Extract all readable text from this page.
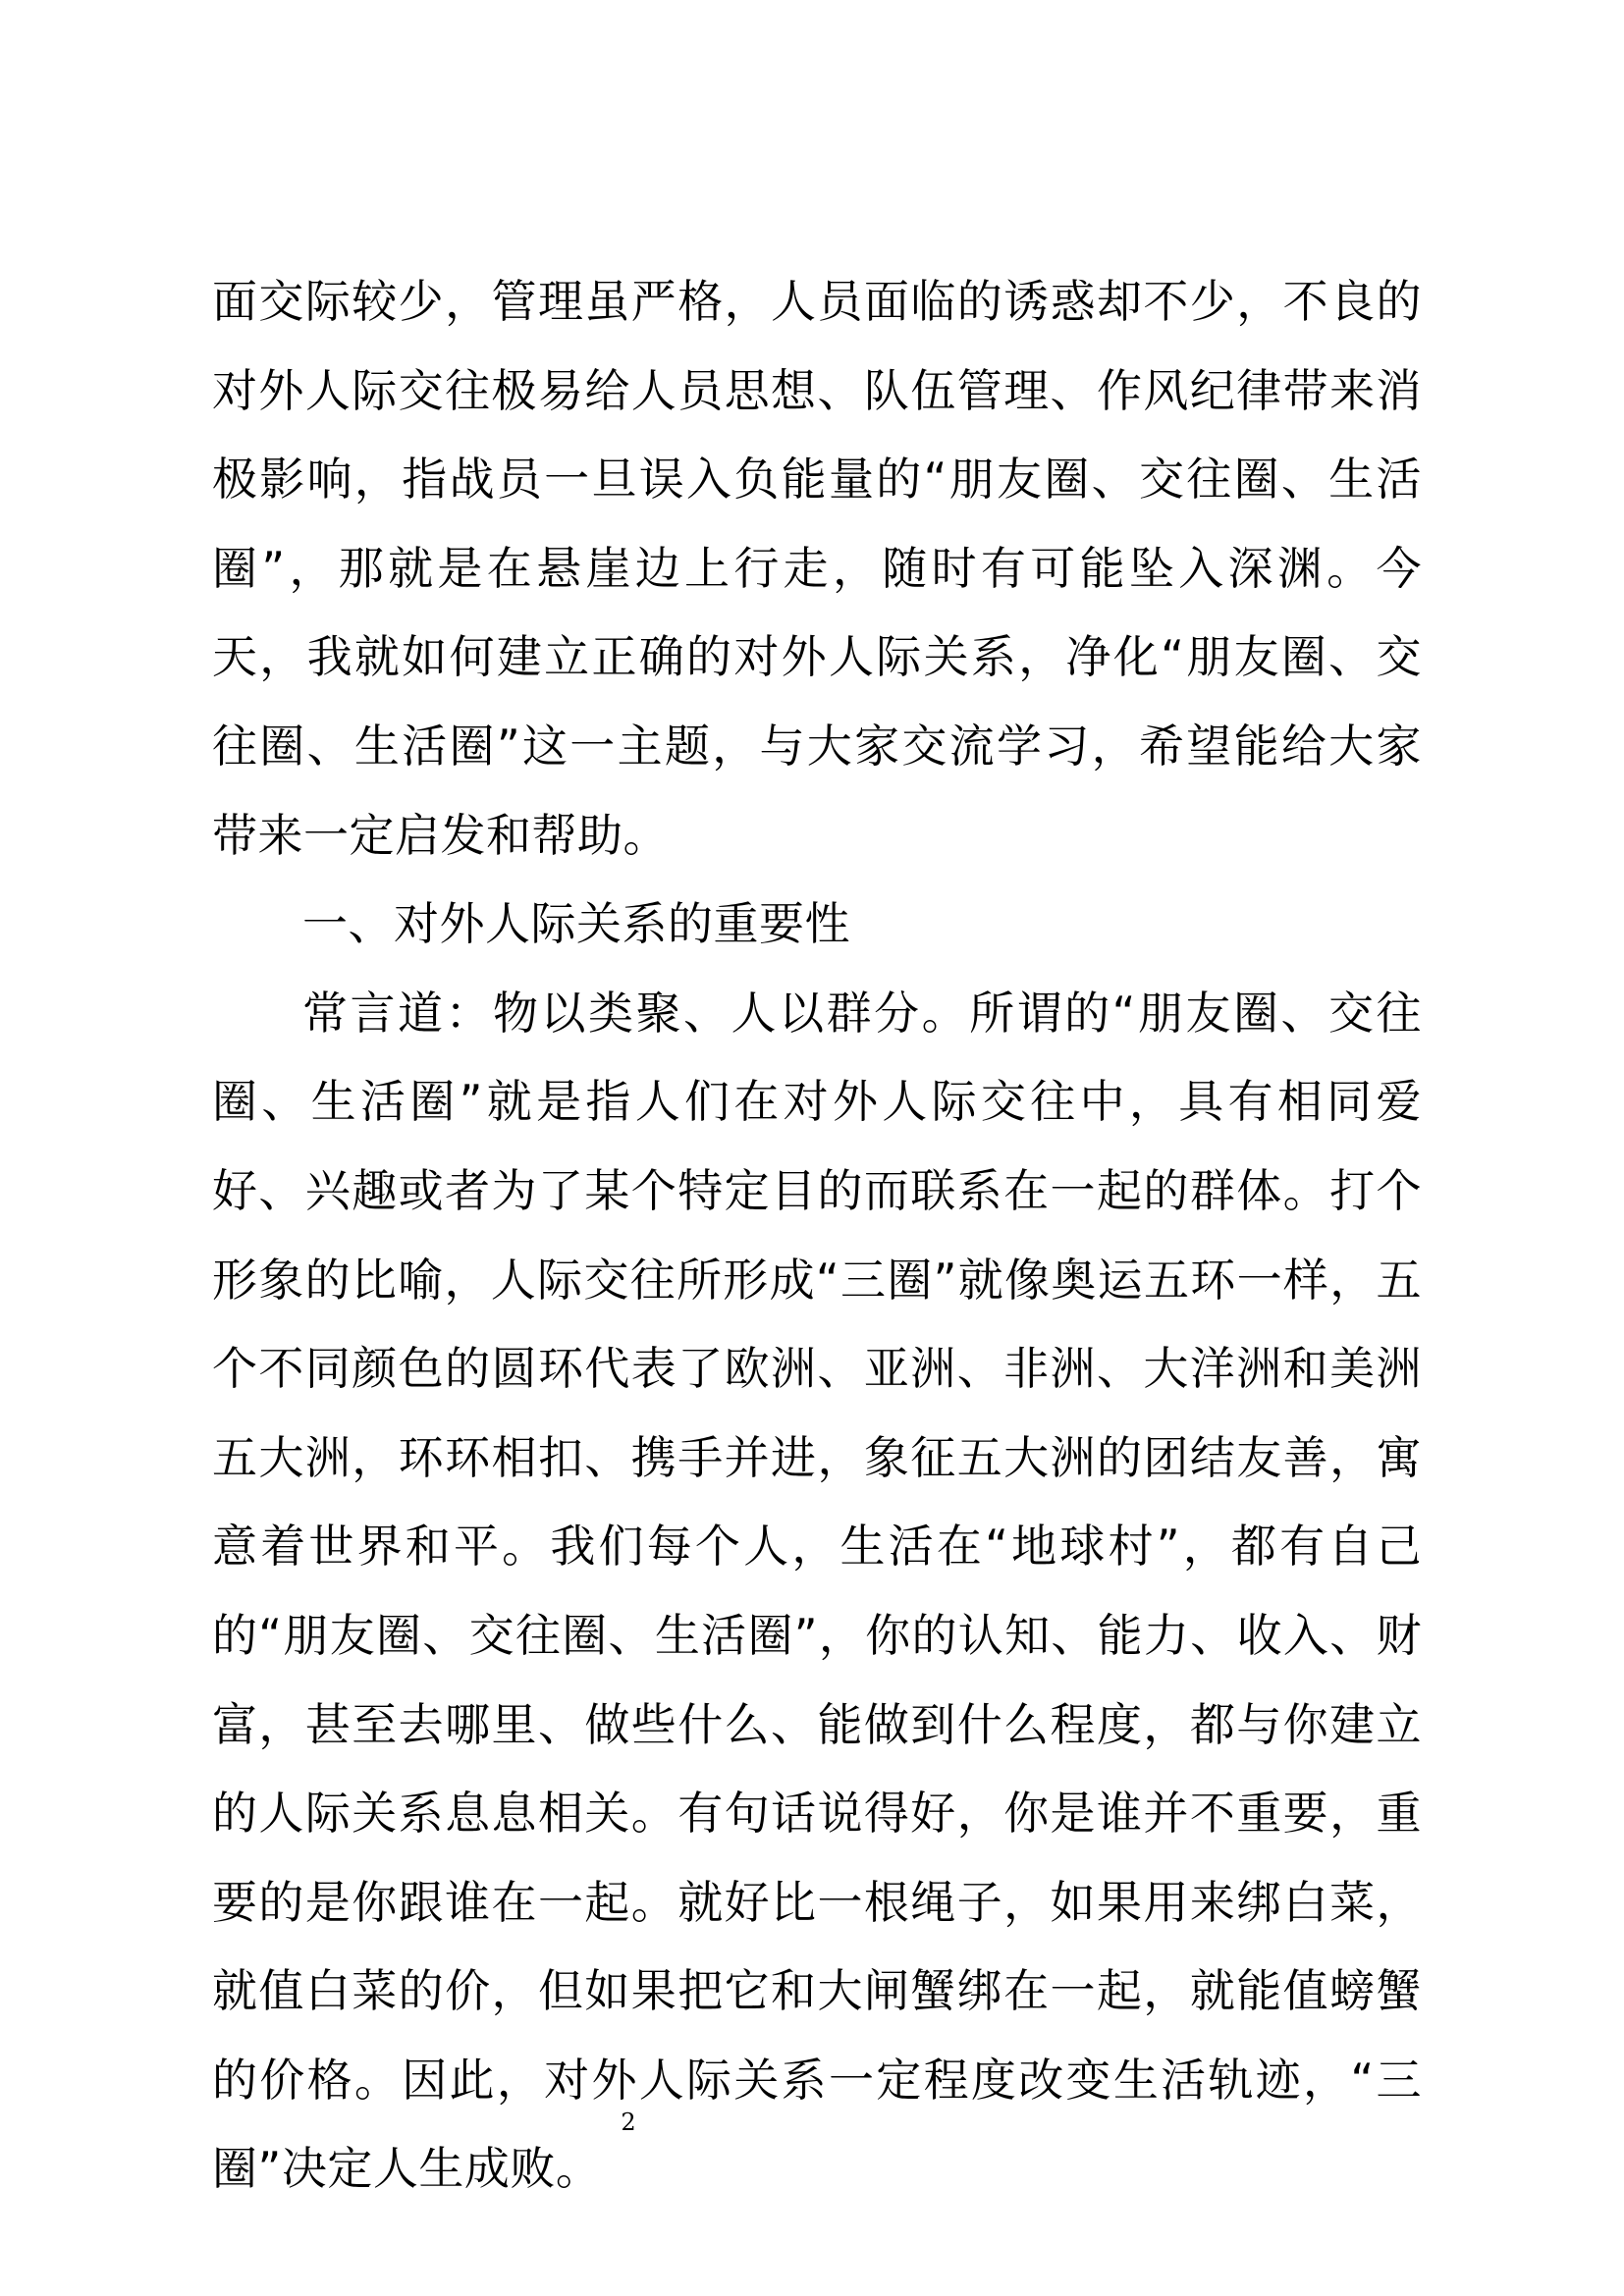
面交际较少，管理虽严格，人员面临的诱惑却不少，不良的对外人际交往极易给人员思想、队伍管理、作风纪律带来消极影响，指战员一旦误入负能量的“朋友圈、交往圈、生活圈”，那就是在悬崖边上行走，随时有可能坠入深渊。今天，我就如何建立正确的对外人际关系，净化“朋友圈、交往圈、生活圈”这一主题，与大家交流学习，希望能给大家带来一定启发和帮助。

一、对外人际关系的重要性

常言道：物以类聚、人以群分。所谓的“朋友圈、交往圈、生活圈”就是指人们在对外人际交往中，具有相同爱好、兴趣或者为了某个特定目的而联系在一起的群体。打个形象的比喻，人际交往所形成“三圈”就像奥运五环一样，五个不同颜色的圆环代表了欧洲、亚洲、非洲、大洋洲和美洲五大洲，环环相扣、携手并进，象征五大洲的团结友善，寓意着世界和平。我们每个人，生活在“地球村”，都有自己的“朋友圈、交往圈、生活圈”，你的认知、能力、收入、财富，甚至去哪里、做些什么、能做到什么程度，都与你建立的人际关系息息相关。有句话说得好，你是谁并不重要，重要的是你跟谁在一起。就好比一根绳子，如果用来绑白菜，就值白菜的价，但如果把它和大闸蟹绑在一起，就能值螃蟹的价格。因此，对外人际关系一定程度改变生活轨迹，“三圈”决定人生成败。

2
